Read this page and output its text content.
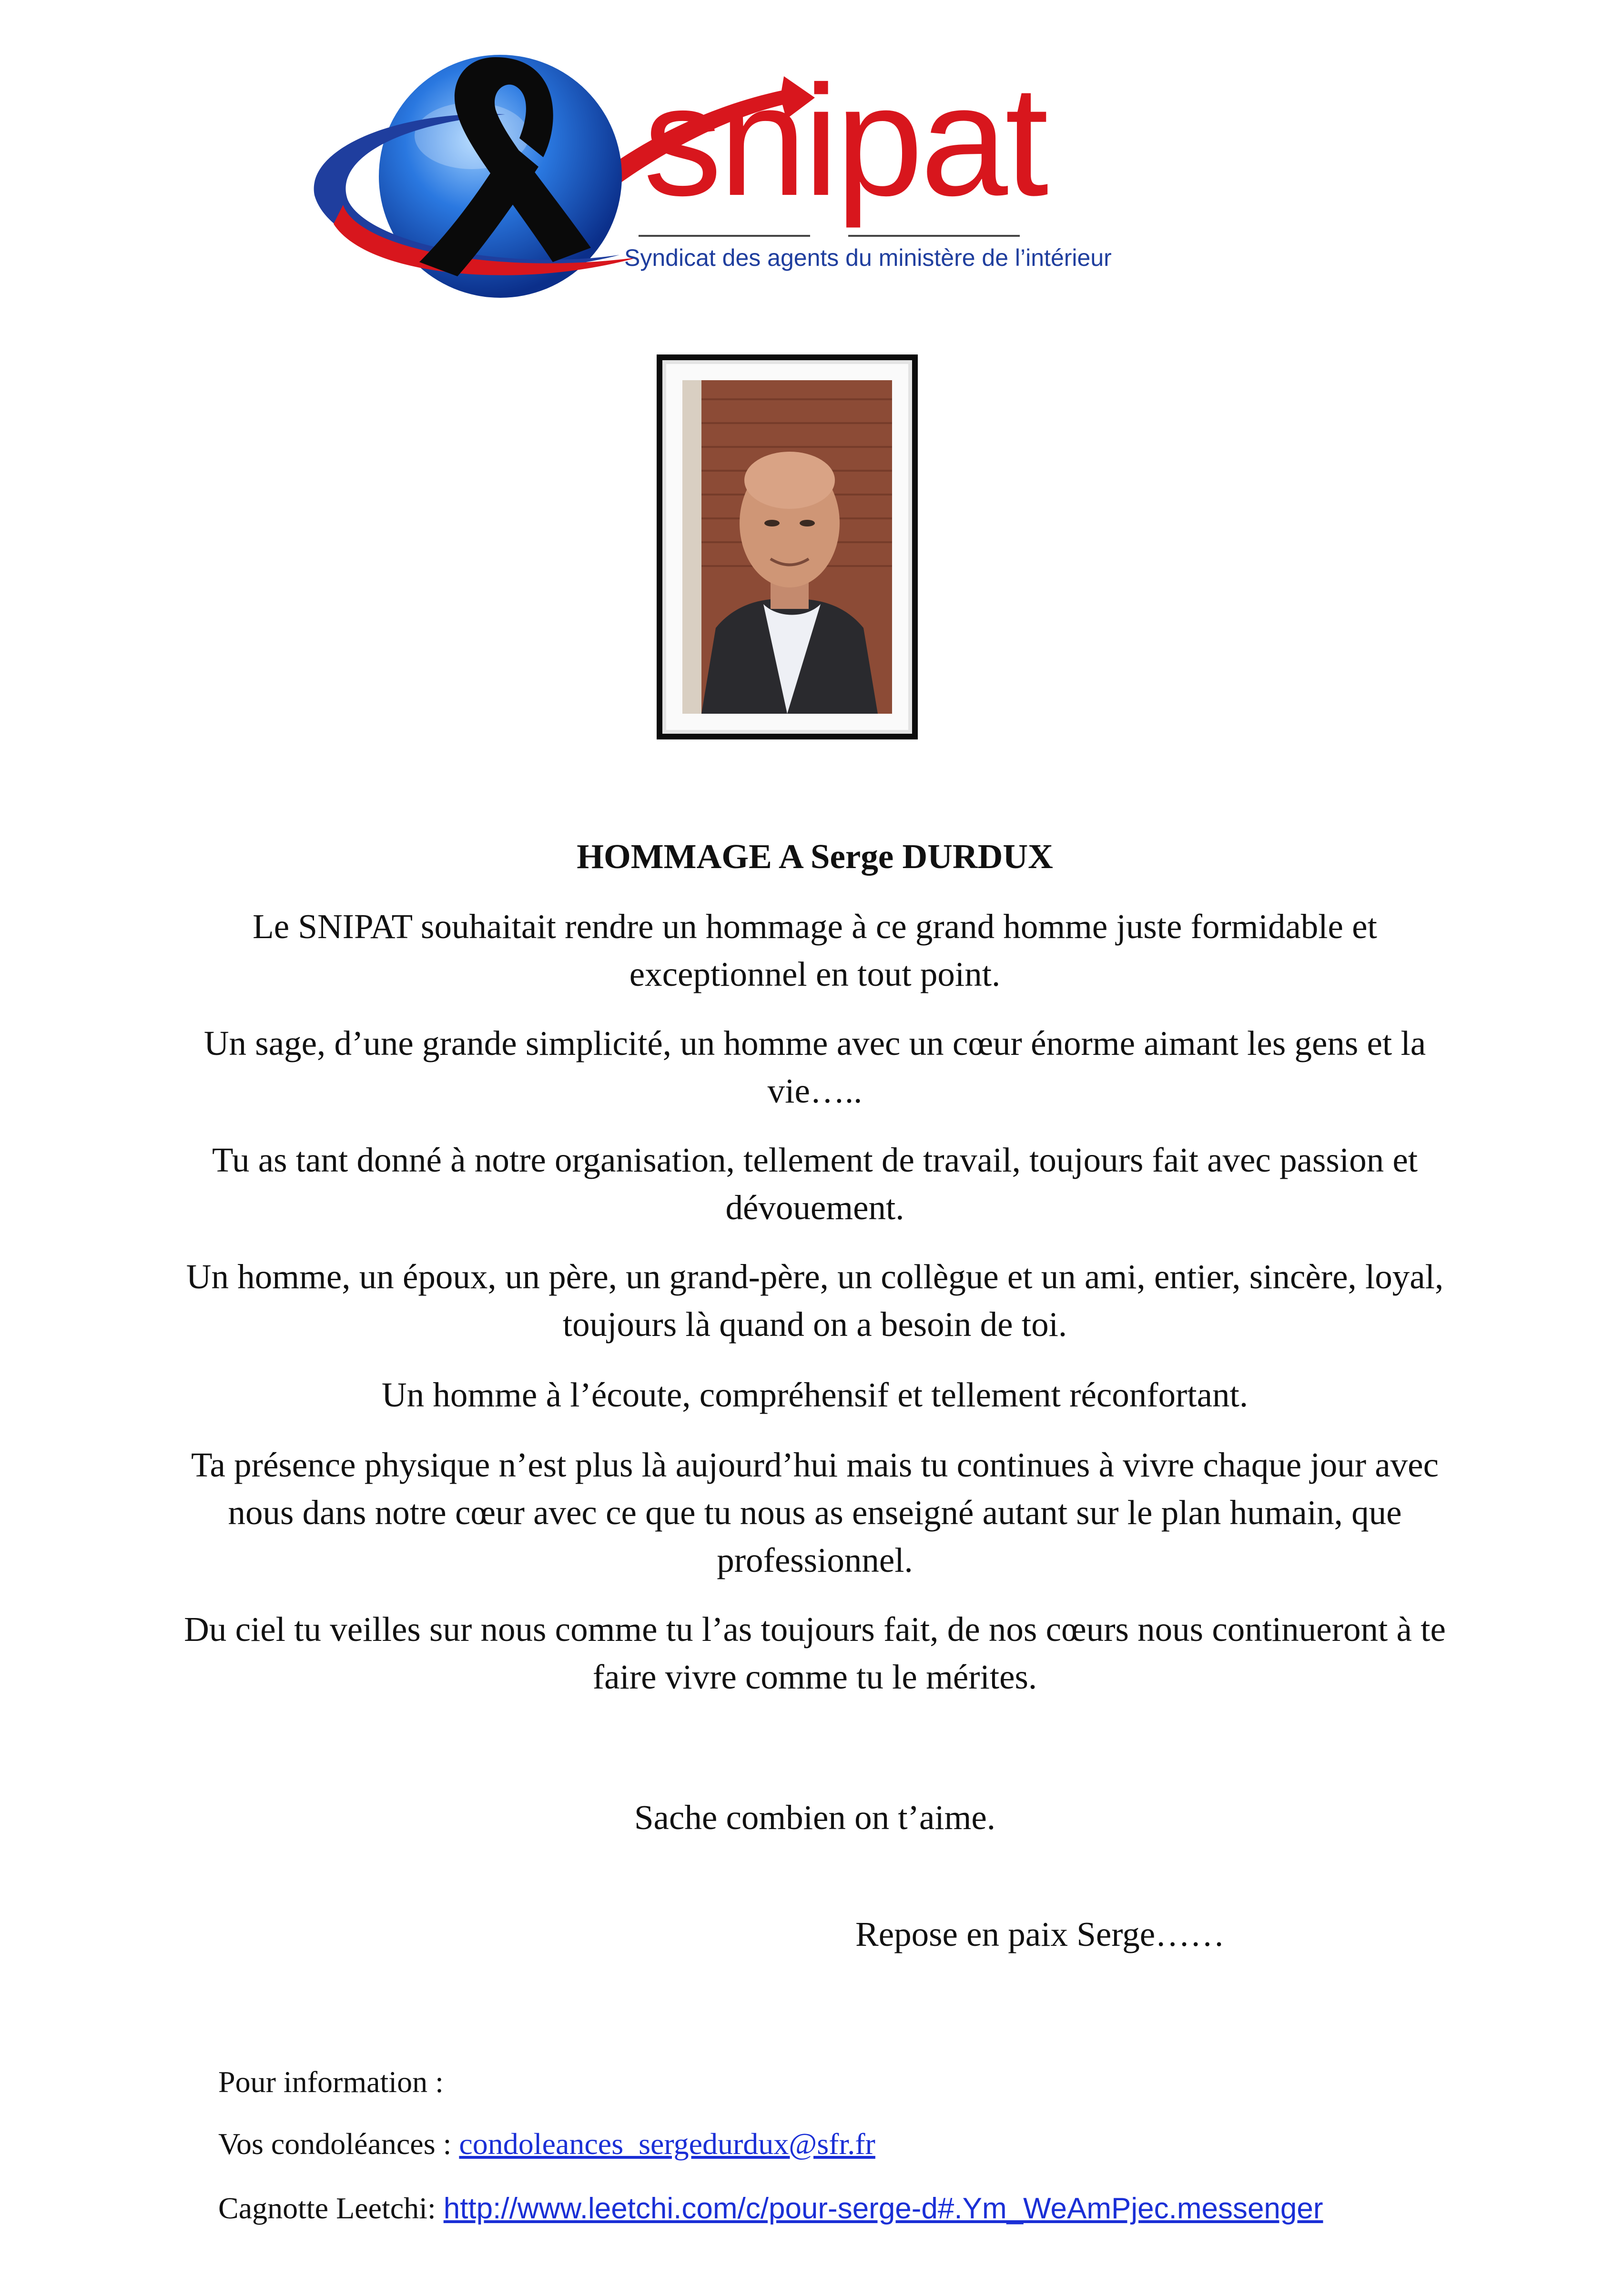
snipat
Syndicat des agents du ministère de l’intérieur
HOMMAGE A Serge DURDUX
Le SNIPAT souhaitait rendre un hommage à ce grand homme juste formidable et exceptionnel en tout point.
Un sage, d’une grande simplicité, un homme avec un cœur énorme aimant les gens et la vie…..
Tu as tant donné à notre organisation, tellement de travail, toujours fait avec passion et dévouement.
Un homme, un époux, un père, un grand-père, un collègue et un ami, entier, sincère, loyal, toujours là quand on a besoin de toi.
Un homme à l’écoute, compréhensif et tellement réconfortant.
Ta présence physique n’est plus là aujourd’hui mais tu continues à vivre chaque jour avec nous dans notre cœur avec ce que tu nous as enseigné autant sur le plan humain, que professionnel.
Du ciel tu veilles sur nous comme tu l’as toujours fait, de nos cœurs nous continueront à te faire vivre comme tu le mérites.
Sache combien on t’aime.
Repose en paix Serge……
Pour information :
Vos condoléances : condoleances_sergedurdux@sfr.fr
Cagnotte Leetchi: http://www.leetchi.com/c/pour-serge-d#.Ym_WeAmPjec.messenger
